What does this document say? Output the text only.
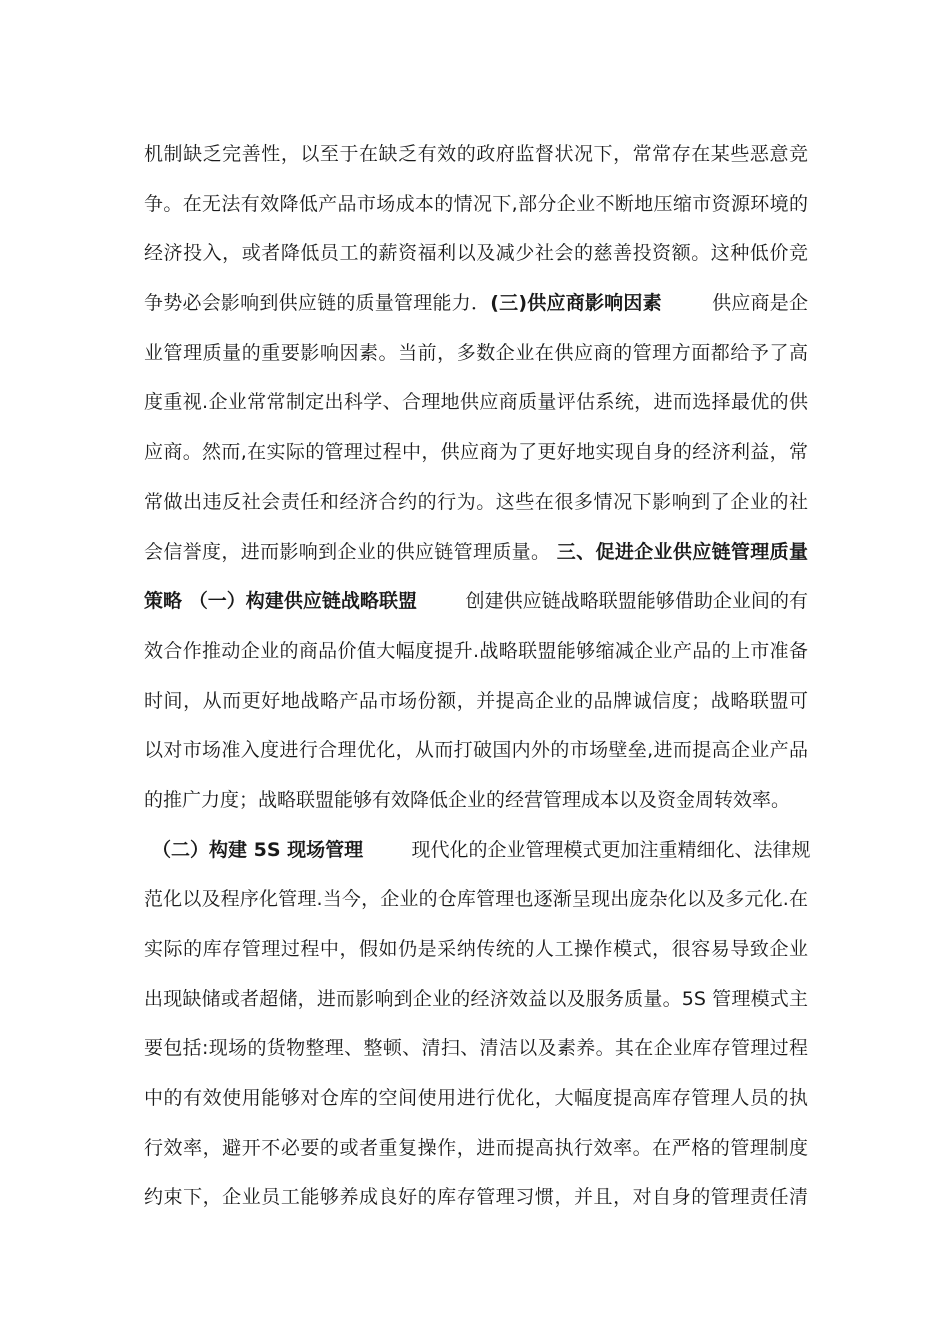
机制缺乏完善性，以至于在缺乏有效的政府监督状况下，常常存在某些恶意竞
争。在无法有效降低产品市场成本的情况下,部分企业不断地压缩市资源环境的
经济投入，或者降低员工的薪资福利以及减少社会的慈善投资额。这种低价竞
争势必会影响到供应链的质量管理能力．(三)供应商影响因素        供应商是企
业管理质量的重要影响因素。当前，多数企业在供应商的管理方面都给予了高
度重视.企业常常制定出科学、合理地供应商质量评估系统，进而选择最优的供
应商。然而,在实际的管理过程中，供应商为了更好地实现自身的经济利益，常
常做出违反社会责任和经济合约的行为。这些在很多情况下影响到了企业的社
会信誉度，进而影响到企业的供应链管理质量。 三、促进企业供应链管理质量
策略 （一）构建供应链战略联盟        创建供应链战略联盟能够借助企业间的有
效合作推动企业的商品价值大幅度提升.战略联盟能够缩减企业产品的上市准备
时间，从而更好地战略产品市场份额，并提高企业的品牌诚信度；战略联盟可
以对市场准入度进行合理优化，从而打破国内外的市场壁垒,进而提高企业产品
的推广力度；战略联盟能够有效降低企业的经营管理成本以及资金周转效率。
（二）构建 5S 现场管理        现代化的企业管理模式更加注重精细化、法律规
范化以及程序化管理.当今，企业的仓库管理也逐渐呈现出庞杂化以及多元化.在
实际的库存管理过程中，假如仍是采纳传统的人工操作模式，很容易导致企业
出现缺储或者超储，进而影响到企业的经济效益以及服务质量。5S 管理模式主
要包括:现场的货物整理、整顿、清扫、清洁以及素养。其在企业库存管理过程
中的有效使用能够对仓库的空间使用进行优化，大幅度提高库存管理人员的执
行效率，避开不必要的或者重复操作，进而提高执行效率。在严格的管理制度
约束下，企业员工能够养成良好的库存管理习惯，并且，对自身的管理责任清
